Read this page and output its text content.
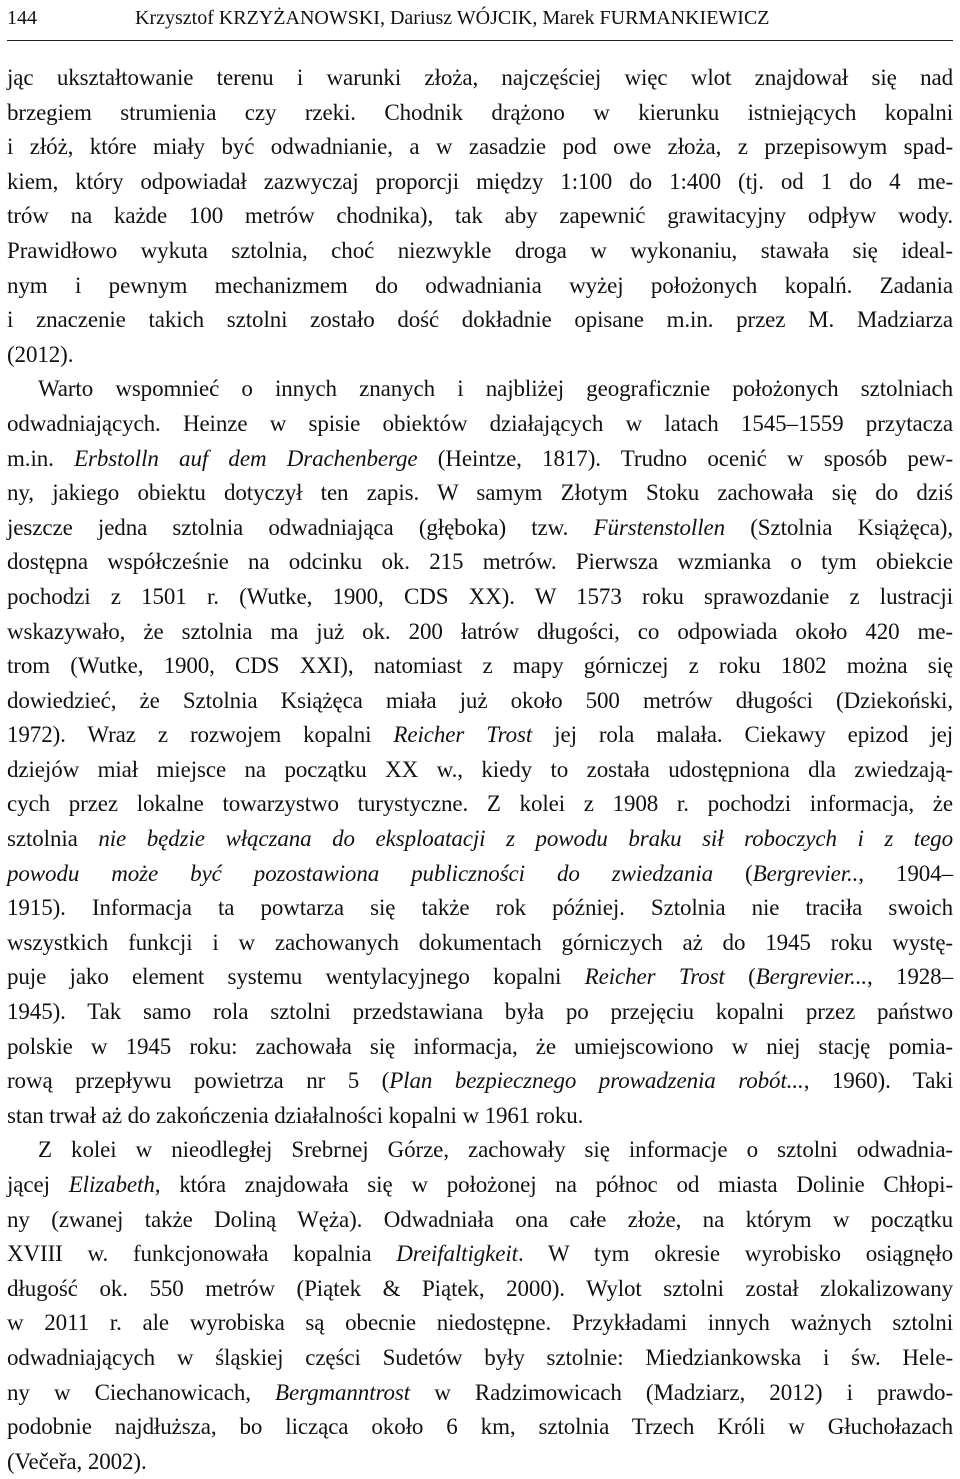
144	Krzysztof KRZYŻANOWSKI, Dariusz WÓJCIK, Marek FURMANKIEWICZ
jąc ukształtowanie terenu i warunki złoża, najczęściej więc wlot znajdował się nad
brzegiem strumienia czy rzeki. Chodnik drążono w kierunku istniejących kopalni
i złóż, które miały być odwadnianie, a w zasadzie pod owe złoża, z przepisowym spad-
kiem, który odpowiadał zazwyczaj proporcji między 1:100 do 1:400 (tj. od 1 do 4 me-
trów na każde 100 metrów chodnika), tak aby zapewnić grawitacyjny odpływ wody.
Prawidłowo wykuta sztolnia, choć niezwykle droga w wykonaniu, stawała się ideal-
nym i pewnym mechanizmem do odwadniania wyżej położonych kopalń. Zadania
i znaczenie takich sztolni zostało dość dokładnie opisane m.in. przez M. Madziarza
(2012).
Warto wspomnieć o innych znanych i najbliżej geograficznie położonych sztolniach
odwadniających. Heinze w spisie obiektów działających w latach 1545–1559 przytacza
m.in. Erbstolln auf dem Drachenberge (Heintze, 1817). Trudno ocenić w sposób pew-
ny, jakiego obiektu dotyczył ten zapis. W samym Złotym Stoku zachowała się do dziś
jeszcze jedna sztolnia odwadniająca (głęboka) tzw. Fürstenstollen (Sztolnia Książęca),
dostępna współcześnie na odcinku ok. 215 metrów. Pierwsza wzmianka o tym obiekcie
pochodzi z 1501 r. (Wutke, 1900, CDS XX). W 1573 roku sprawozdanie z lustracji
wskazywało, że sztolnia ma już ok. 200 łatrów długości, co odpowiada około 420 me-
trom (Wutke, 1900, CDS XXI), natomiast z mapy górniczej z roku 1802 można się
dowiedzieć, że Sztolnia Książęca miała już około 500 metrów długości (Dziekoński,
1972). Wraz z rozwojem kopalni Reicher Trost jej rola malała. Ciekawy epizod jej
dziejów miał miejsce na początku XX w., kiedy to została udostępniona dla zwiedzają-
cych przez lokalne towarzystwo turystyczne. Z kolei z 1908 r. pochodzi informacja, że
sztolnia nie będzie włączana do eksploatacji z powodu braku sił roboczych i z tego
powodu może być pozostawiona publiczności do zwiedzania (Bergrevier.., 1904–
1915). Informacja ta powtarza się także rok później. Sztolnia nie traciła swoich
wszystkich funkcji i w zachowanych dokumentach górniczych aż do 1945 roku wystę-
puje jako element systemu wentylacyjnego kopalni Reicher Trost (Bergrevier..., 1928–
1945). Tak samo rola sztolni przedstawiana była po przejęciu kopalni przez państwo
polskie w 1945 roku: zachowała się informacja, że umiejscowiono w niej stację pomia-
rową przepływu powietrza nr 5 (Plan bezpiecznego prowadzenia robót..., 1960). Taki
stan trwał aż do zakończenia działalności kopalni w 1961 roku.
Z kolei w nieodległej Srebrnej Górze, zachowały się informacje o sztolni odwadnia-
jącej Elizabeth, która znajdowała się w położonej na północ od miasta Dolinie Chłopi-
ny (zwanej także Doliną Węża). Odwadniała ona całe złoże, na którym w początku
XVIII w. funkcjonowała kopalnia Dreifaltigkeit. W tym okresie wyrobisko osiągnęło
długość ok. 550 metrów (Piątek & Piątek, 2000). Wylot sztolni został zlokalizowany
w 2011 r. ale wyrobiska są obecnie niedostępne. Przykładami innych ważnych sztolni
odwadniających w śląskiej części Sudetów były sztolnie: Miedziankowska i św. Hele-
ny w Ciechanowicach, Bergmanntrost w Radzimowicach (Madziarz, 2012) i prawdo-
podobnie najdłuższa, bo licząca około 6 km, sztolnia Trzech Króli w Głuchołazach
(Večeřa, 2002).
